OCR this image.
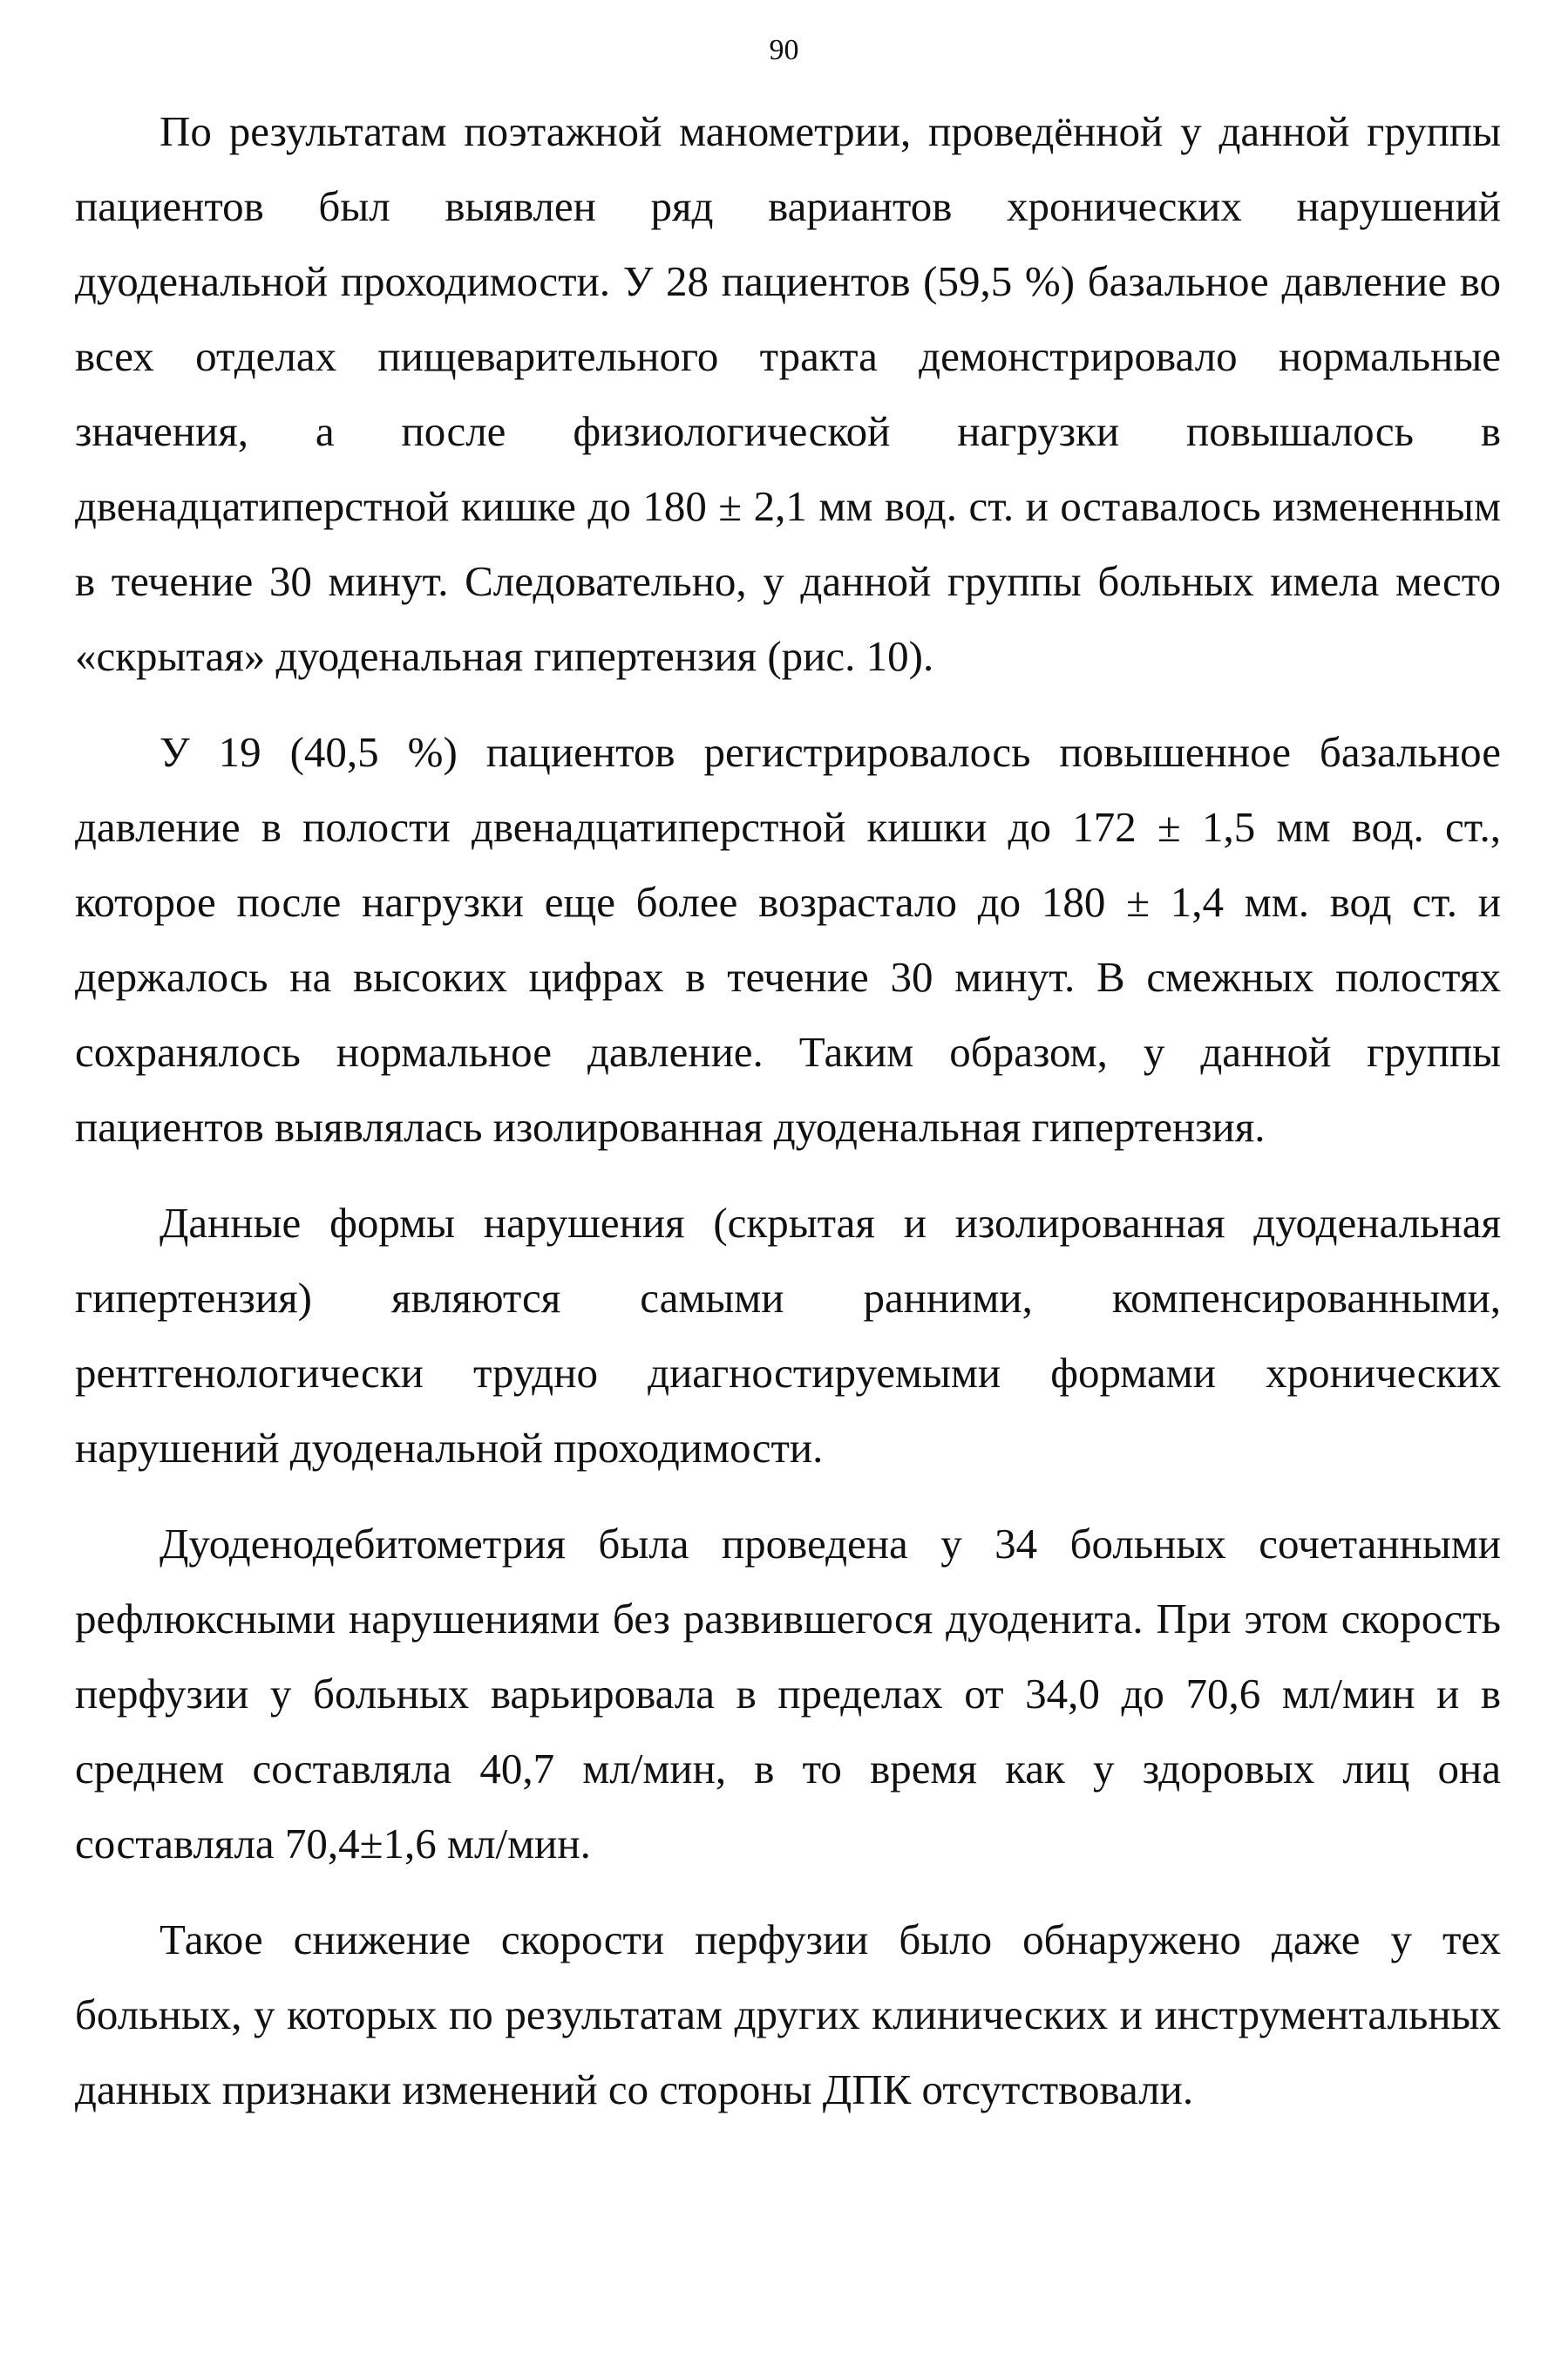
90

По результатам поэтажной манометрии, проведённой у данной группы пациентов был выявлен ряд вариантов хронических нарушений дуоденальной проходимости. У 28 пациентов (59,5 %) базальное давление во всех отделах пищеварительного тракта демонстрировало нормальные значения, а после физиологической нагрузки повышалось в двенадцатиперстной кишке до 180 ± 2,1 мм вод. ст. и оставалось измененным в течение 30 минут. Следовательно, у данной группы больных имела место «скрытая» дуоденальная гипертензия (рис. 10).

У 19 (40,5 %) пациентов регистрировалось повышенное базальное давление в полости двенадцатиперстной кишки до 172 ± 1,5 мм вод. ст., которое после нагрузки еще более возрастало до 180 ± 1,4 мм. вод ст. и держалось на высоких цифрах в течение 30 минут. В смежных полостях сохранялось нормальное давление. Таким образом, у данной группы пациентов выявлялась изолированная дуоденальная гипертензия.

Данные формы нарушения (скрытая и изолированная дуоденальная гипертензия) являются самыми ранними, компенсированными, рентгенологически трудно диагностируемыми формами хронических нарушений дуоденальной проходимости.

Дуоденодебитометрия была проведена у 34 больных сочетанными рефлюксными нарушениями без развившегося дуоденита. При этом скорость перфузии у больных варьировала в пределах от 34,0 до 70,6 мл/мин и в среднем составляла 40,7 мл/мин, в то время как у здоровых лиц она составляла 70,4±1,6 мл/мин.

Такое снижение скорости перфузии было обнаружено даже у тех больных, у которых по результатам других клинических и инструментальных данных признаки изменений со стороны ДПК отсутствовали.
